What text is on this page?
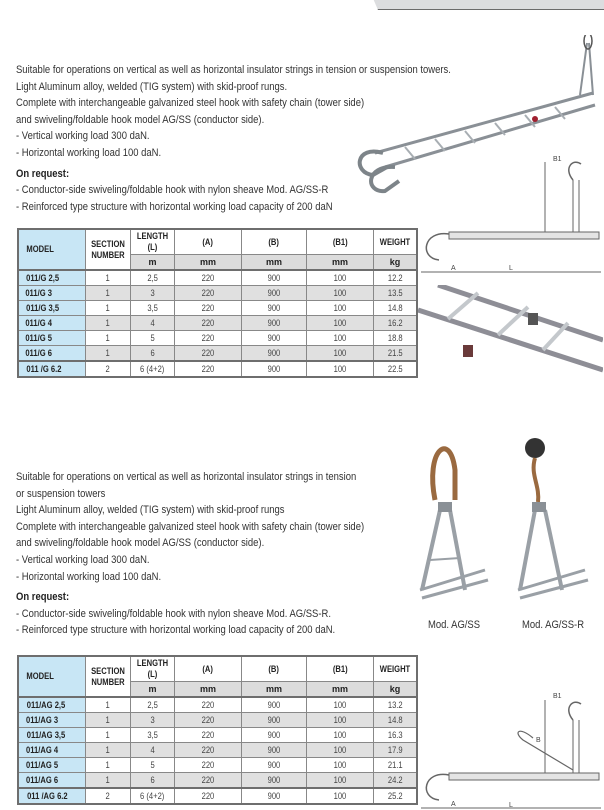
Suitable for operations on vertical as well as horizontal insulator strings in tension or suspension towers.
Light Aluminum alloy, welded (TIG system) with skid-proof rungs.
Complete with interchangeable galvanized steel hook with safety chain (tower side)
and swiveling/foldable hook model AG/SS (conductor side).
- Vertical working load 300 daN.
- Horizontal working load 100 daN.
On request:
- Conductor-side swiveling/foldable hook with nylon sheave Mod. AG/SS-R
- Reinforced type structure with horizontal working load capacity of 200 daN
B1
A	L
MODEL	SECTION NUMBER	LENGTH (L)	(A)	(B)	(B1)	WEIGHT
		m	mm	mm	mm	kg
011/G 2,5	1	2,5	220	900	100	12.2
011/G 3	1	3	220	900	100	13.5
011/G 3,5	1	3,5	220	900	100	14.8
011/G 4	1	4	220	900	100	16.2
011/G 5	1	5	220	900	100	18.8
011/G 6	1	6	220	900	100	21.5
011 /G 6.2	2	6 (4+2)	220	900	100	22.5
Suitable for operations on vertical as well as horizontal insulator strings in tension
or suspension towers
Light Aluminum alloy, welded (TIG system) with skid-proof rungs
Complete with interchangeable galvanized steel hook with safety chain (tower side)
and swiveling/foldable hook model AG/SS (conductor side).
- Vertical working load 300 daN.
- Horizontal working load 100 daN.
On request:
- Conductor-side swiveling/foldable hook with nylon sheave Mod. AG/SS-R.
- Reinforced type structure with horizontal working load capacity of 200 daN.	Mod. AG/SS	Mod. AG/SS-R
B1
B
A	L
MODEL	SECTION NUMBER	LENGTH (L)	(A)	(B)	(B1)	WEIGHT
		m	mm	mm	mm	kg
011/AG 2,5	1	2,5	220	900	100	13.2
011/AG 3	1	3	220	900	100	14.8
011/AG 3,5	1	3,5	220	900	100	16.3
011/AG 4	1	4	220	900	100	17.9
011/AG 5	1	5	220	900	100	21.1
011/AG 6	1	6	220	900	100	24.2
011 /AG 6.2	2	6 (4+2)	220	900	100	25.2
